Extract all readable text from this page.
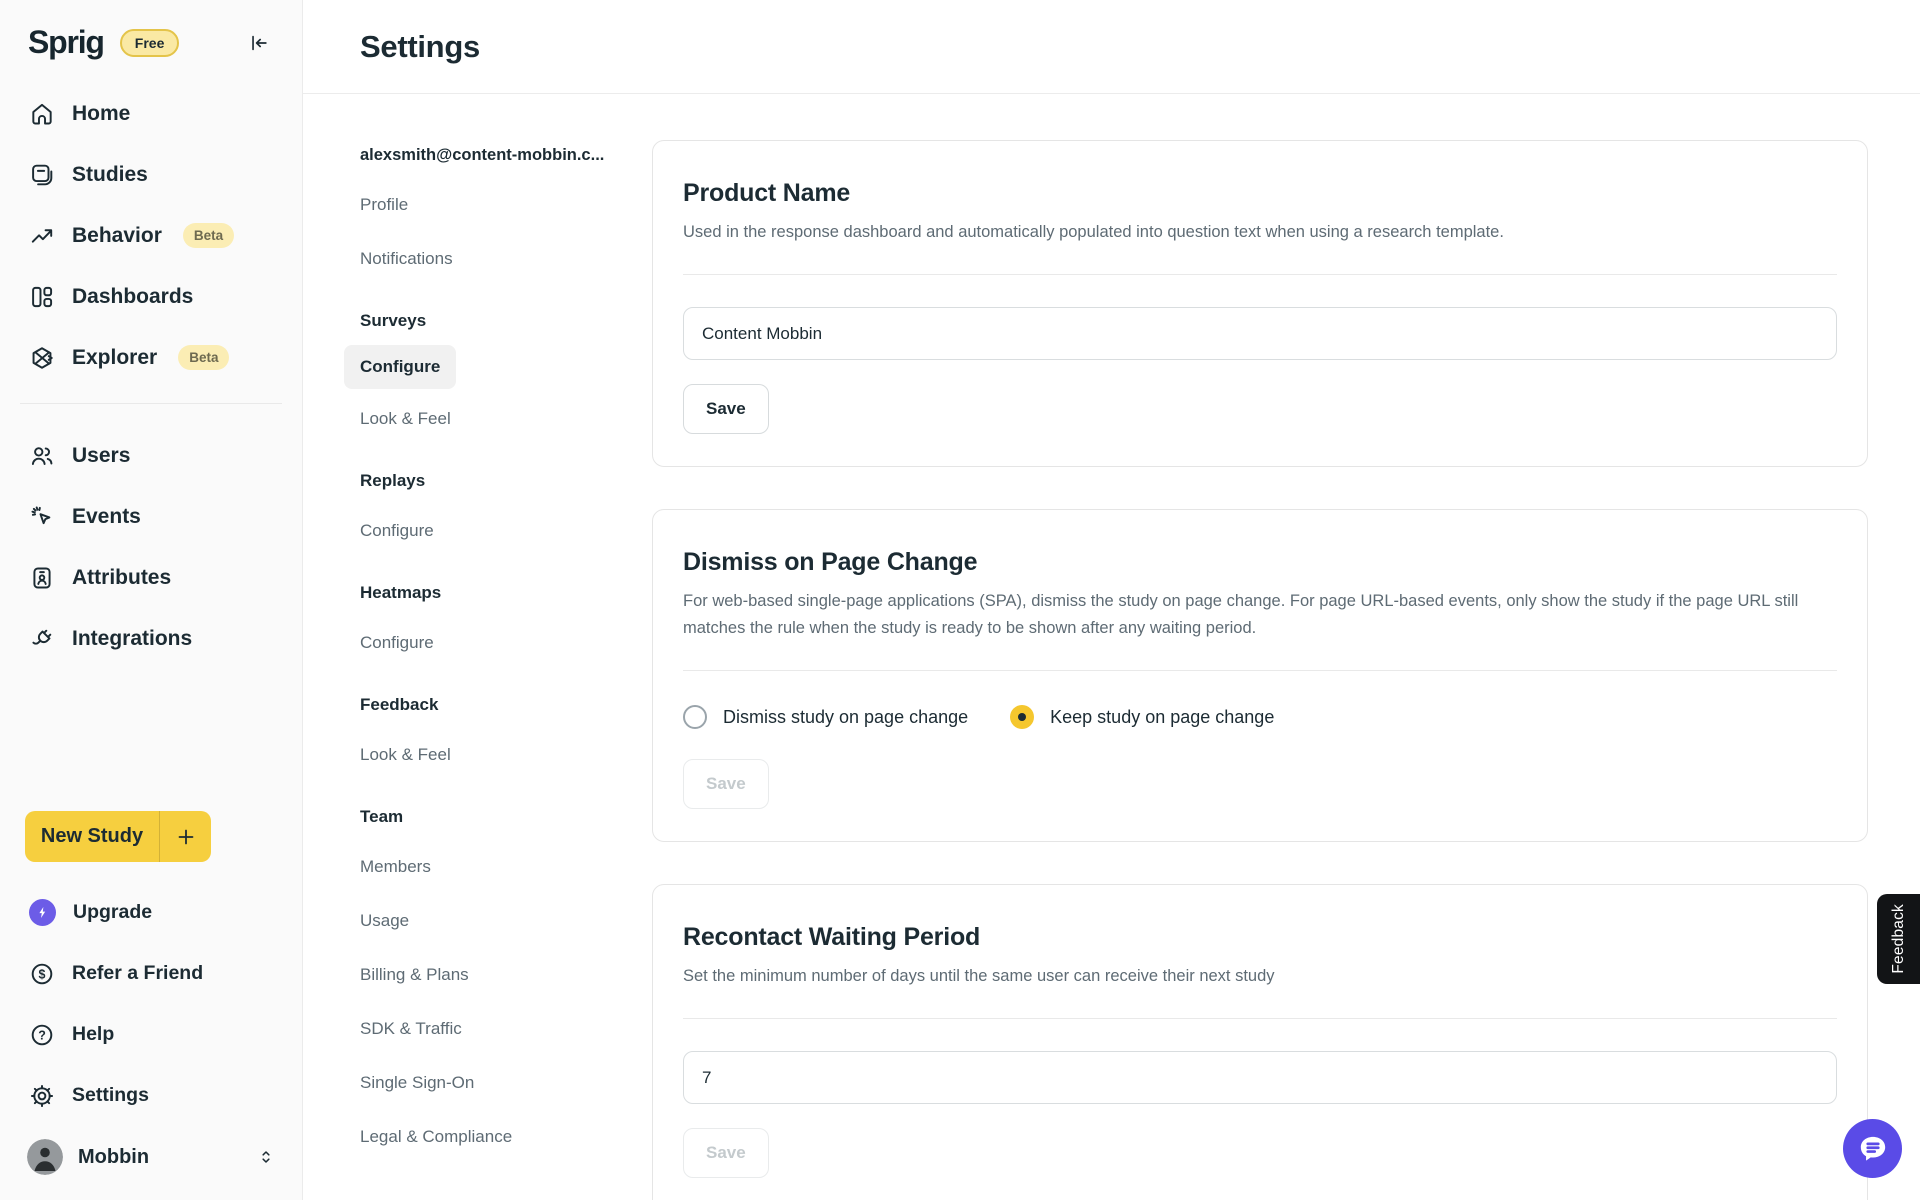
Sprig	Free
Home
Studies
Behavior	Beta
Dashboards
Explorer	Beta
Users
Events
Attributes
Integrations
New Study
Upgrade
$ Refer a Friend
? Help
Settings
Mobbin
Settings
alexsmith@content-mobbin.c...
Profile
Notifications
Surveys
Configure
Look & Feel
Replays
Configure
Heatmaps
Configure
Feedback
Look & Feel
Team
Members
Usage
Billing & Plans
SDK & Traffic
Single Sign-On
Legal & Compliance
Product Name
Used in the response dashboard and automatically populated into question text when using a research template.
Content Mobbin Save
Dismiss on Page Change
For web-based single-page applications (SPA), dismiss the study on page change. For page URL-based events, only show the study if the page URL still matches the rule when the study is ready to be shown after any waiting period.
Dismiss study on page change	Keep study on page change
Save
Recontact Waiting Period
Set the minimum number of days until the same user can receive their next study
7 Save
Feedback
